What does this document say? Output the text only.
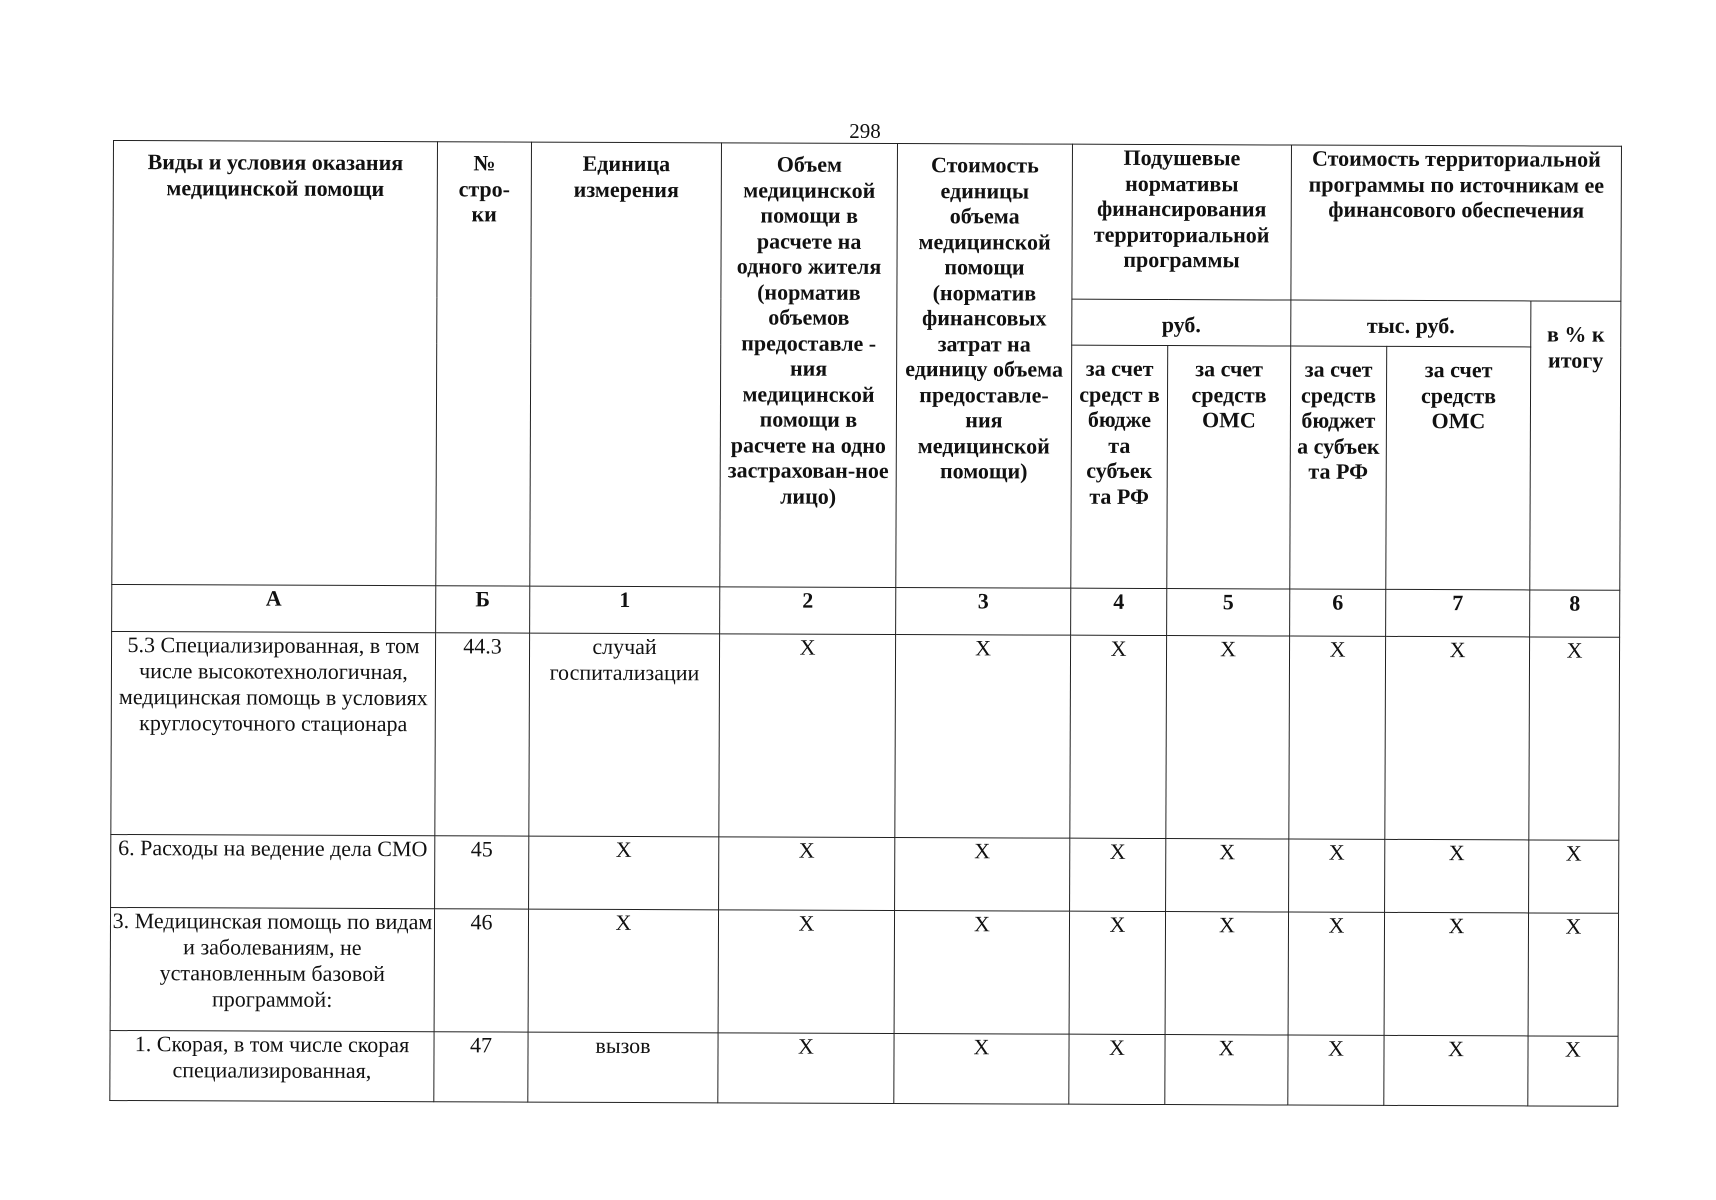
298
Виды и условия оказания медицинской помощи	№ стро-ки	Единица измерения	Объем медицинской помощи в расчете на одного жителя (норматив объемов предоставле - ния медицинской помощи в расчете на одно застрахован-ное лицо)	Стоимость единицы объема медицинской помощи (норматив финансовых затрат на единицу объема предоставле-ния медицинской помощи)	Подушевые нормативы финансирования территориальной программы		Стоимость территориальной программы по источникам ее финансового обеспечения		

					руб.		тыс. руб.		в % к итогу

					за счет средст в бюдже та субъек та РФ	за счет средств ОМС	за счет средств бюджет а субъек та РФ	за счет средств ОМС	

А	Б	1	2	3	4	5	6	7	8
5.3 Специализированная, в том числе высокотехнологичная, медицинская помощь в условиях круглосуточного стационара	44.3	случай госпитализации	X	X	X	X	X	X	X
6. Расходы на ведение дела СМО	45	X	X	X	X	X	X	X	X
3. Медицинская помощь по видам и заболеваниям, не установленным базовой программой:	46	X	X	X	X	X	X	X	X
1. Скорая, в том числе скорая специализированная,	47	вызов	X	X	X	X	X	X	X
